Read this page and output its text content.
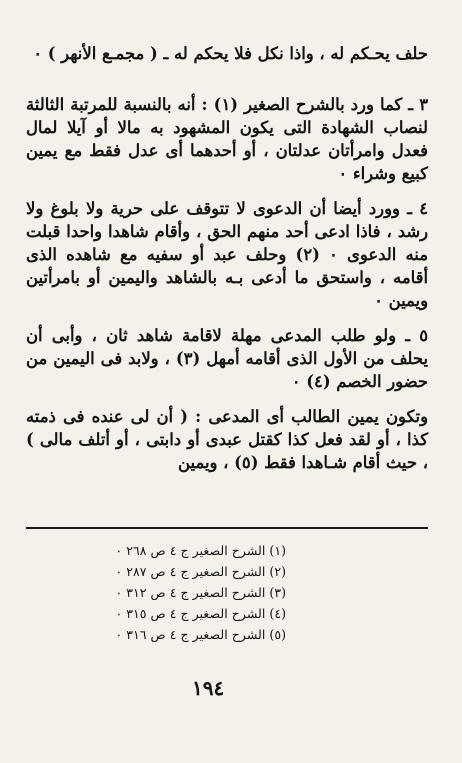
حلف يحـكم له ، واذا نكل فلا يحكم له ـ ( مجمـع الأنهر ) ٠

٣ ـ كما ورد بالشرح الصغير (١) : أنه بالنسبة للمرتبة الثالثة لنصاب الشهادة التى يكون المشهود به مالا أو آيلا لمال فعدل وامرأتان عدلتان ، أو أحدهما أى عدل فقط مع يمين كبيع وشراء ٠

٤ ـ وورد أيضا أن الدعوى لا تتوقف على حرية ولا بلوغ ولا رشد ، فاذا ادعى أحد منهم الحق ، وأقام شاهدا واحدا قبلت منه الدعوى ٠ (٢) وحلف عبد أو سفيه مع شاهده الذى أقامه ، واستحق ما أدعى بـه بالشاهد واليمين أو بامرأتين ويمين ٠

٥ ـ ولو طلب المدعى مهلة لاقامة شاهد ثان ، وأبى أن يحلف من الأول الذى أقامه أمهل (٣) ، ولابد فى اليمين من حضور الخصم (٤) ٠

وتكون يمين الطالب أى المدعى : ( أن لى عنده فى ذمته كذا ، أو لقد فعل كذا كقتل عبدى أو دابتى ، أو أتلف مالى ) ، حيث أقام شـاهدا فقط (٥) ، ويمين

(١) الشرح الصغير ج ٤ ص ٢٦٨ ٠
(٢) الشرح الصغير ج ٤ ص ٢٨٧ ٠
(٣) الشرح الصغير ج ٤ ص ٣١٢ ٠
(٤) الشرح الصغير ج ٤ ص ٣١٥ ٠
(٥) الشرح الصغير ج ٤ ص ٣١٦ ٠
١٩٤
